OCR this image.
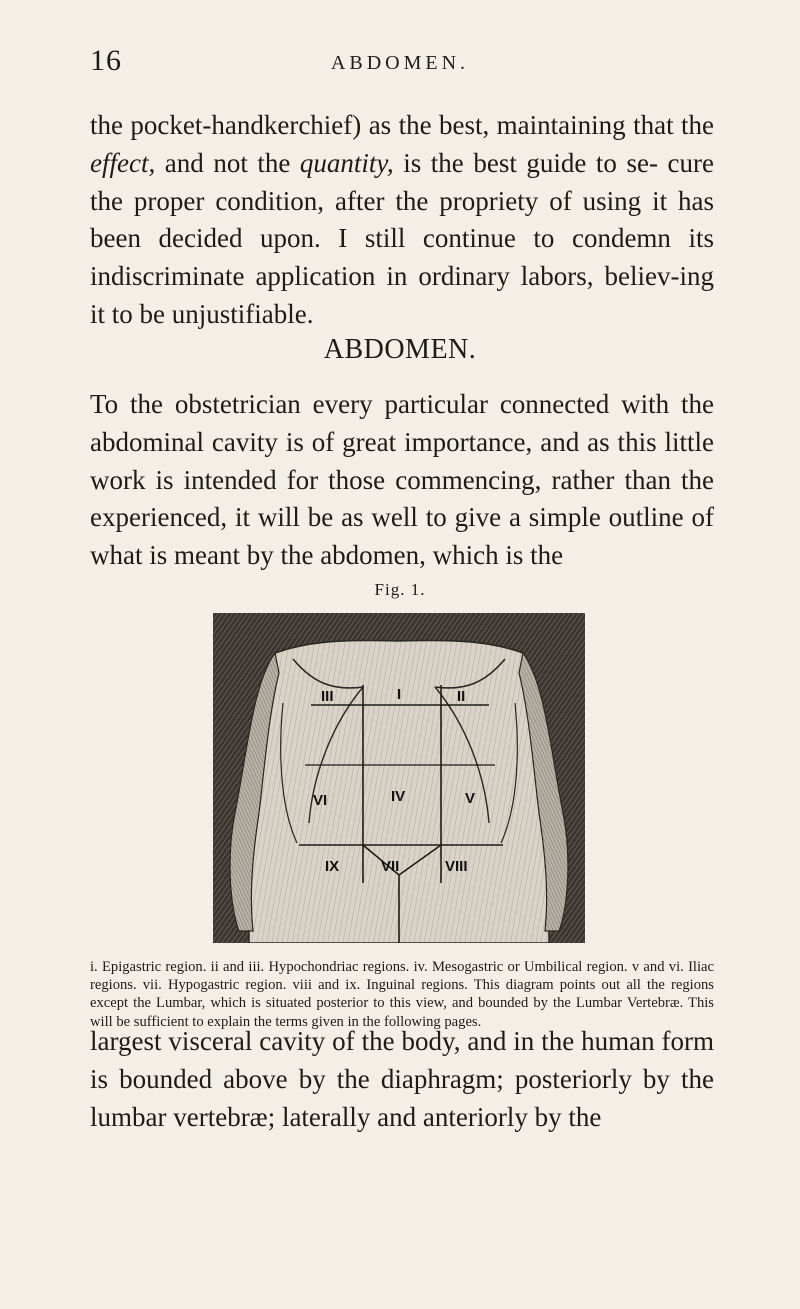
16	ABDOMEN.

the pocket-handkerchief) as the best, maintaining that the effect, and not the quantity, is the best guide to se- cure the proper condition, after the propriety of using it has been decided upon. I still continue to condemn its indiscriminate application in ordinary labors, believ-ing it to be unjustifiable.

ABDOMEN.

To the obstetrician every particular connected with the abdominal cavity is of great importance, and as this little work is intended for those commencing, rather than the experienced, it will be as well to give a simple outline of what is meant by the abdomen, which is the

Fig. 1.
III	I	II
VI	IV	V
IX	VII	VIII

i. Epigastric region. ii and iii. Hypochondriac regions. iv. Mesogastric or Umbilical region. v and vi. Iliac regions. vii. Hypogastric region. viii and ix. Inguinal regions. This diagram points out all the regions except the Lumbar, which is situated posterior to this view, and bounded by the Lumbar Vertebræ. This will be sufficient to explain the terms given in the following pages.

largest visceral cavity of the body, and in the human form is bounded above by the diaphragm; posteriorly by the lumbar vertebræ; laterally and anteriorly by the
